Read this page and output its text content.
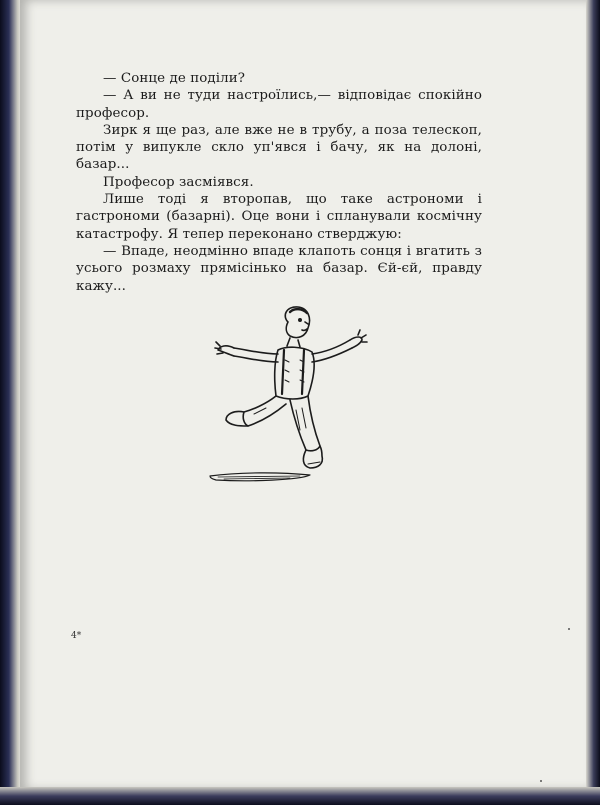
— Сонце де поділи?

— А ви не туди настроїлись,— відповідає спокійно професор.

Зирк я ще раз, але вже не в трубу, а поза телескоп, потім у випукле скло уп'явся і бачу, як на долоні, базар...

Професор засміявся.

Лише тоді я второпав, що таке астрономи і гастрономи (базарні). Оце вони і спланували космічну катастрофу. Я тепер переконано стверджую:

— Впаде, неодмінно впаде клапоть сонця і вгатить з усього розмаху прямісінько на базар. Єй-єй, правду кажу...

4*
